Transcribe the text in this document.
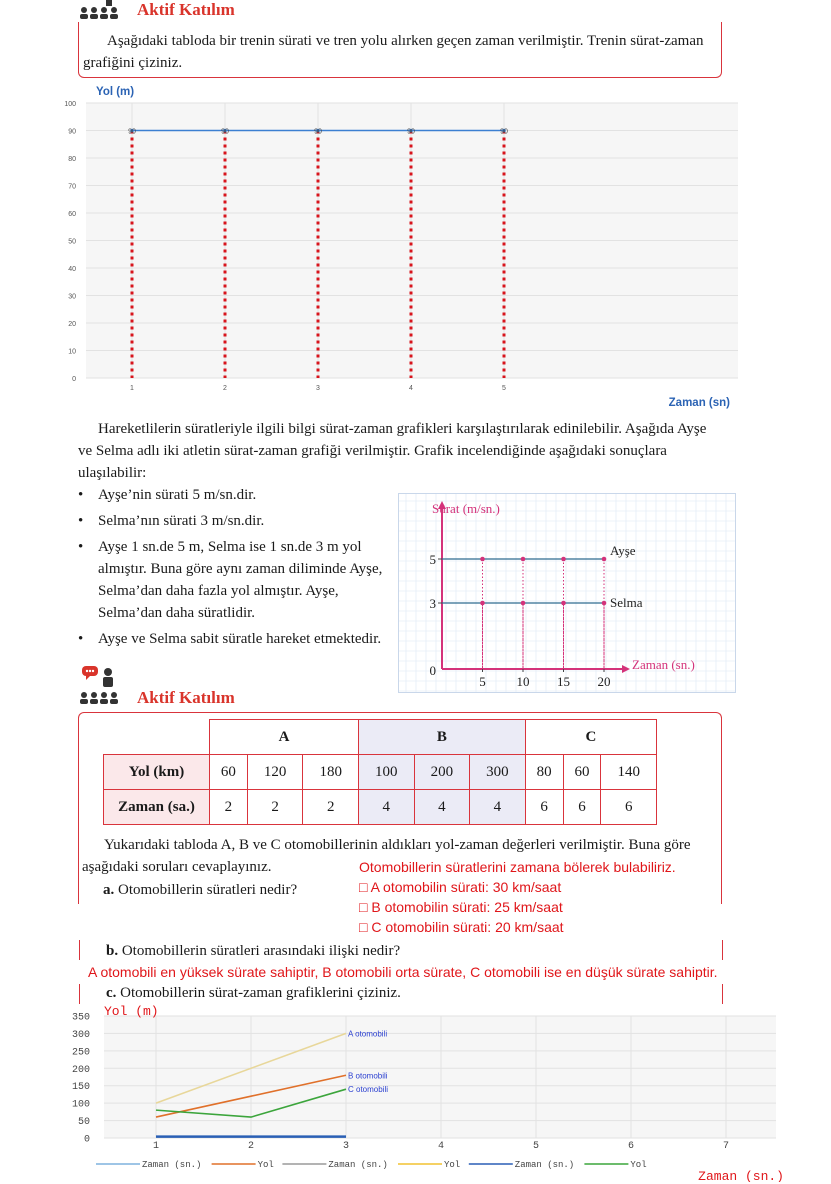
Aktif Katılım

Aşağıdaki tabloda bir trenin sürati ve tren yolu alırken geçen zaman verilmiştir. Trenin sürat-zaman grafiğini çiziniz.

0
10
20
30
40
50
60
70
80
90
100
1	2	3	4	5
90	90	90	90	90
Yol (m)
Zaman (sn)

Hareketlilerin süratleriyle ilgili bilgi sürat-zaman grafikleri karşılaştırılarak edinilebilir. Aşağıda Ayşe ve Selma adlı iki atletin sürat-zaman grafiği verilmiştir. Grafik incelendiğinde aşağıdaki sonuçlara ulaşılabilir:

• Ayşe’nin sürati 5 m/sn.dir.
• Selma’nın sürati 3 m/sn.dir.
• Ayşe 1 sn.de 5 m, Selma ise 1 sn.de 3 m yol almıştır. Buna göre aynı zaman diliminde Ayşe, Selma’dan daha fazla yol almıştır. Ayşe, Selma’dan daha süratlidir.
• Ayşe ve Selma sabit süratle hareket etmektedir.
Sürat (m/sn.)
Zaman (sn.)
0
5 10 15 20
5
3
Ayşe
Selma
Aktif Katılım
	A			B			C		
Yol (km)	60	120	180	100	200	300	80	60	140
Zaman (sa.)	2	2	2	4	4	4	6	6	6

Yukarıdaki tabloda A, B ve C otomobillerinin aldıkları yol-zaman değerleri verilmiştir. Buna göre aşağıdaki soruları cevaplayınız.

a. Otomobillerin süratleri nedir?
Otomobillerin süratlerini zamana bölerek bulabiliriz.
□ A otomobilin sürati: 30 km/saat
□ B otomobilin sürati: 25 km/saat
□ C otomobilin sürati: 20 km/saat
b. Otomobillerin süratleri arasındaki ilişki nedir?
A otomobili en yüksek sürate sahiptir, B otomobili orta sürate, C otomobili ise en düşük sürate sahiptir.
c. Otomobillerin sürat-zaman grafiklerini çiziniz.
0
50
100
150
200
250
300
350
1	2	3	4	5	6	7
A otomobili
B otomobili
C otomobili
Yol (m)
Zaman (sn.)
Zaman (sn.)	Yol	Zaman (sn.)	Yol	Zaman (sn.)	Yol
